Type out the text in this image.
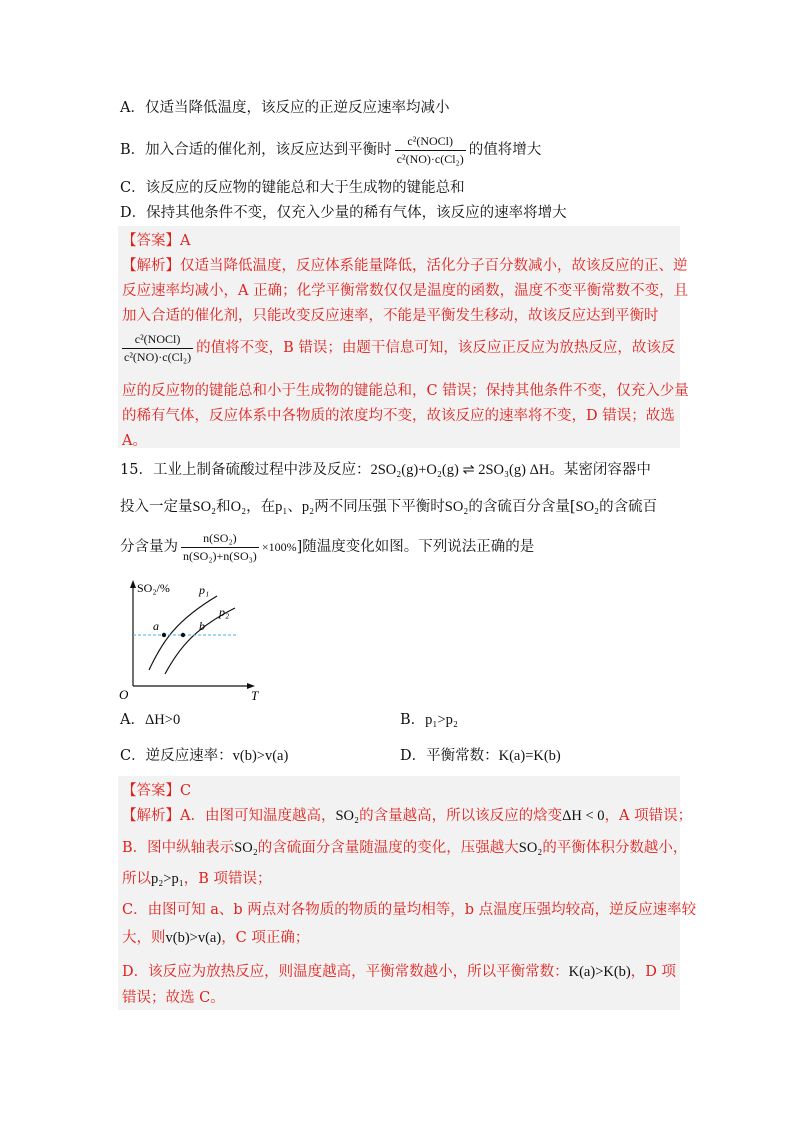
A．仅适当降低温度，该反应的正逆反应速率均减小
B．加入合适的催化剂，该反应达到平衡时 $\frac{\text{c²(NOCl)}}{\text{c²(NO)·c(Cl₂)}}$ 的值将增大
C．该反应的反应物的键能总和大于生成物的键能总和
D．保持其他条件不变，仅充入少量的稀有气体，该反应的速率将增大
【答案】A
【解析】仅适当降低温度，反应体系能量降低，活化分子百分数减小，故该反应的正、逆
反应速率均减小，A 正确；化学平衡常数仅仅是温度的函数，温度不变平衡常数不变，且
加入合适的催化剂，只能改变反应速率，不能是平衡发生移动，故该反应达到平衡时
$\frac{\text{c²(NOCl)}}{\text{c²(NO)·c(Cl₂)}}$ 的值将不变，B 错误；由题干信息可知，该反应正反应为放热反应，故该反
应的反应物的键能总和小于生成物的键能总和，C 错误；保持其他条件不变，仅充入少量
的稀有气体，反应体系中各物质的浓度均不变，故该反应的速率将不变，D 错误；故选
A。
15．工业上制备硫酸过程中涉及反应：2SO₂(g)+O₂(g) ⇌ 2SO₃(g) ΔH。某密闭容器中
投入一定量SO₂和O₂，在p₁、p₂两不同压强下平衡时SO₂的含硫百分含量[SO₂的含硫百
分含量为 $\frac{\text{n(SO₂)}}{\text{n(SO₂)+n(SO₃)}} \times 100\%$]随温度变化如图。下列说法正确的是
SO₂/%
T
O
a	b
p₁
p₂
A．ΔH>0	B．p₁>p₂
C．逆反应速率：v(b)>v(a)	D．平衡常数：K(a)=K(b)
【答案】C
【解析】A．由图可知温度越高，SO₂的含量越高，所以该反应的焓变ΔH < 0，A 项错误；
B．图中纵轴表示SO₂的含硫面分含量随温度的变化，压强越大SO₂的平衡体积分数越小，
所以p₂>p₁，B 项错误；
C．由图可知 a、b 两点对各物质的物质的量均相等，b 点温度压强均较高，逆反应速率较
大，则v(b)>v(a)，C 项正确；
D．该反应为放热反应，则温度越高，平衡常数越小，所以平衡常数：K(a)>K(b)，D 项
错误；故选 C。
